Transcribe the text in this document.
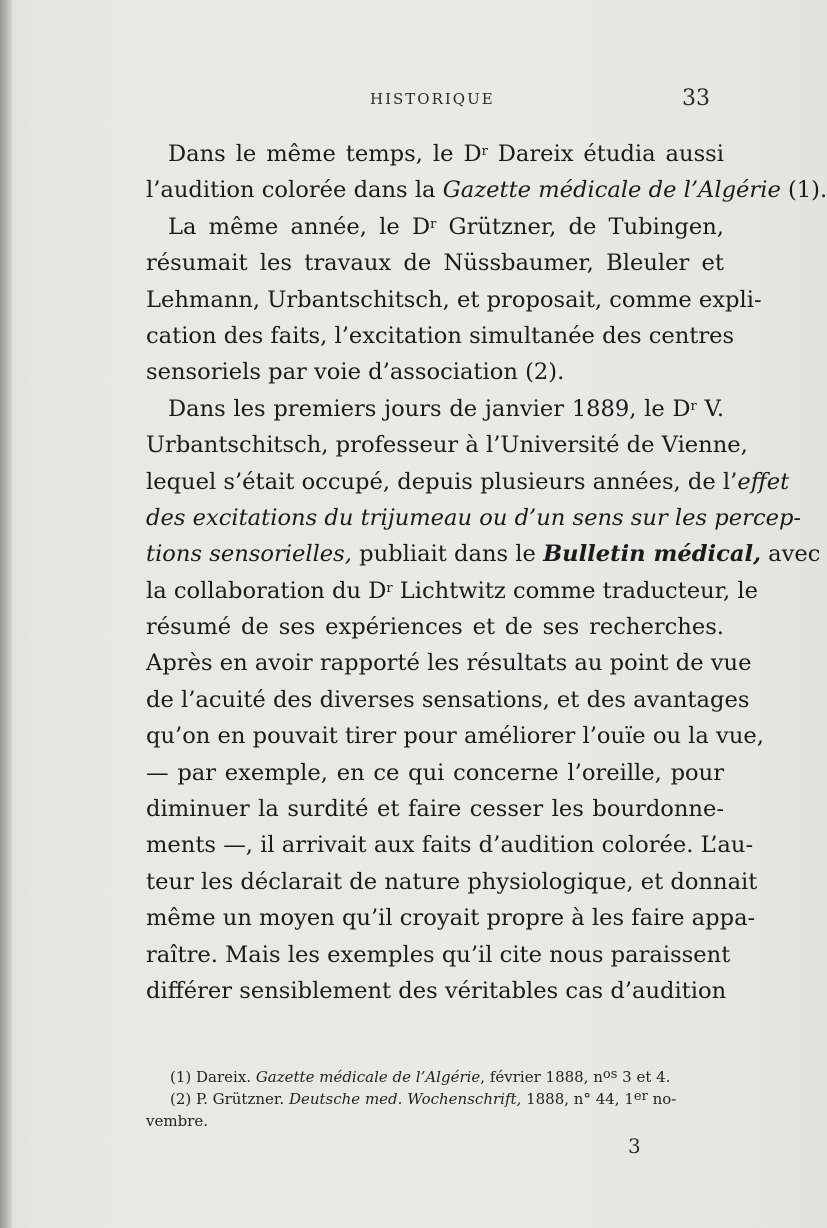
HISTORIQUE	33
Dans le même temps, le $D^r$ Dareix étudia aussi
l’audition colorée dans la Gazette médicale de l’Algérie (1).
La même année, le $D^r$ Grützner, de Tubingen,
résumait les travaux de Nüssbaumer, Bleuler et
Lehmann, Urbantschitsch, et proposait, comme expli-
cation des faits, l’excitation simultanée des centres
sensoriels par voie d’association (2).
Dans les premiers jours de janvier 1889, le $D^r$ V.
Urbantschitsch, professeur à l’Université de Vienne,
lequel s’était occupé, depuis plusieurs années, de l’effet
des excitations du trijumeau ou d’un sens sur les percep-
tions sensorielles, publiait dans le Bulletin médical, avec
la collaboration du $D^r$ Lichtwitz comme traducteur, le
résumé de ses expériences et de ses recherches.
Après en avoir rapporté les résultats au point de vue
de l’acuité des diverses sensations, et des avantages
qu’on en pouvait tirer pour améliorer l’ouïe ou la vue,
— par exemple, en ce qui concerne l’oreille, pour
diminuer la surdité et faire cesser les bourdonne-
ments —, il arrivait aux faits d’audition colorée. L’au-
teur les déclarait de nature physiologique, et donnait
même un moyen qu’il croyait propre à les faire appa-
raître. Mais les exemples qu’il cite nous paraissent
différer sensiblement des véritables cas d’audition
(1) Dareix. Gazette médicale de l’Algérie, février 1888, $n^{os}$ 3 et 4.
(2) P. Grützner. Deutsche med. Wochenschrift, 1888, n° 44, 1er no-
vembre.
3
